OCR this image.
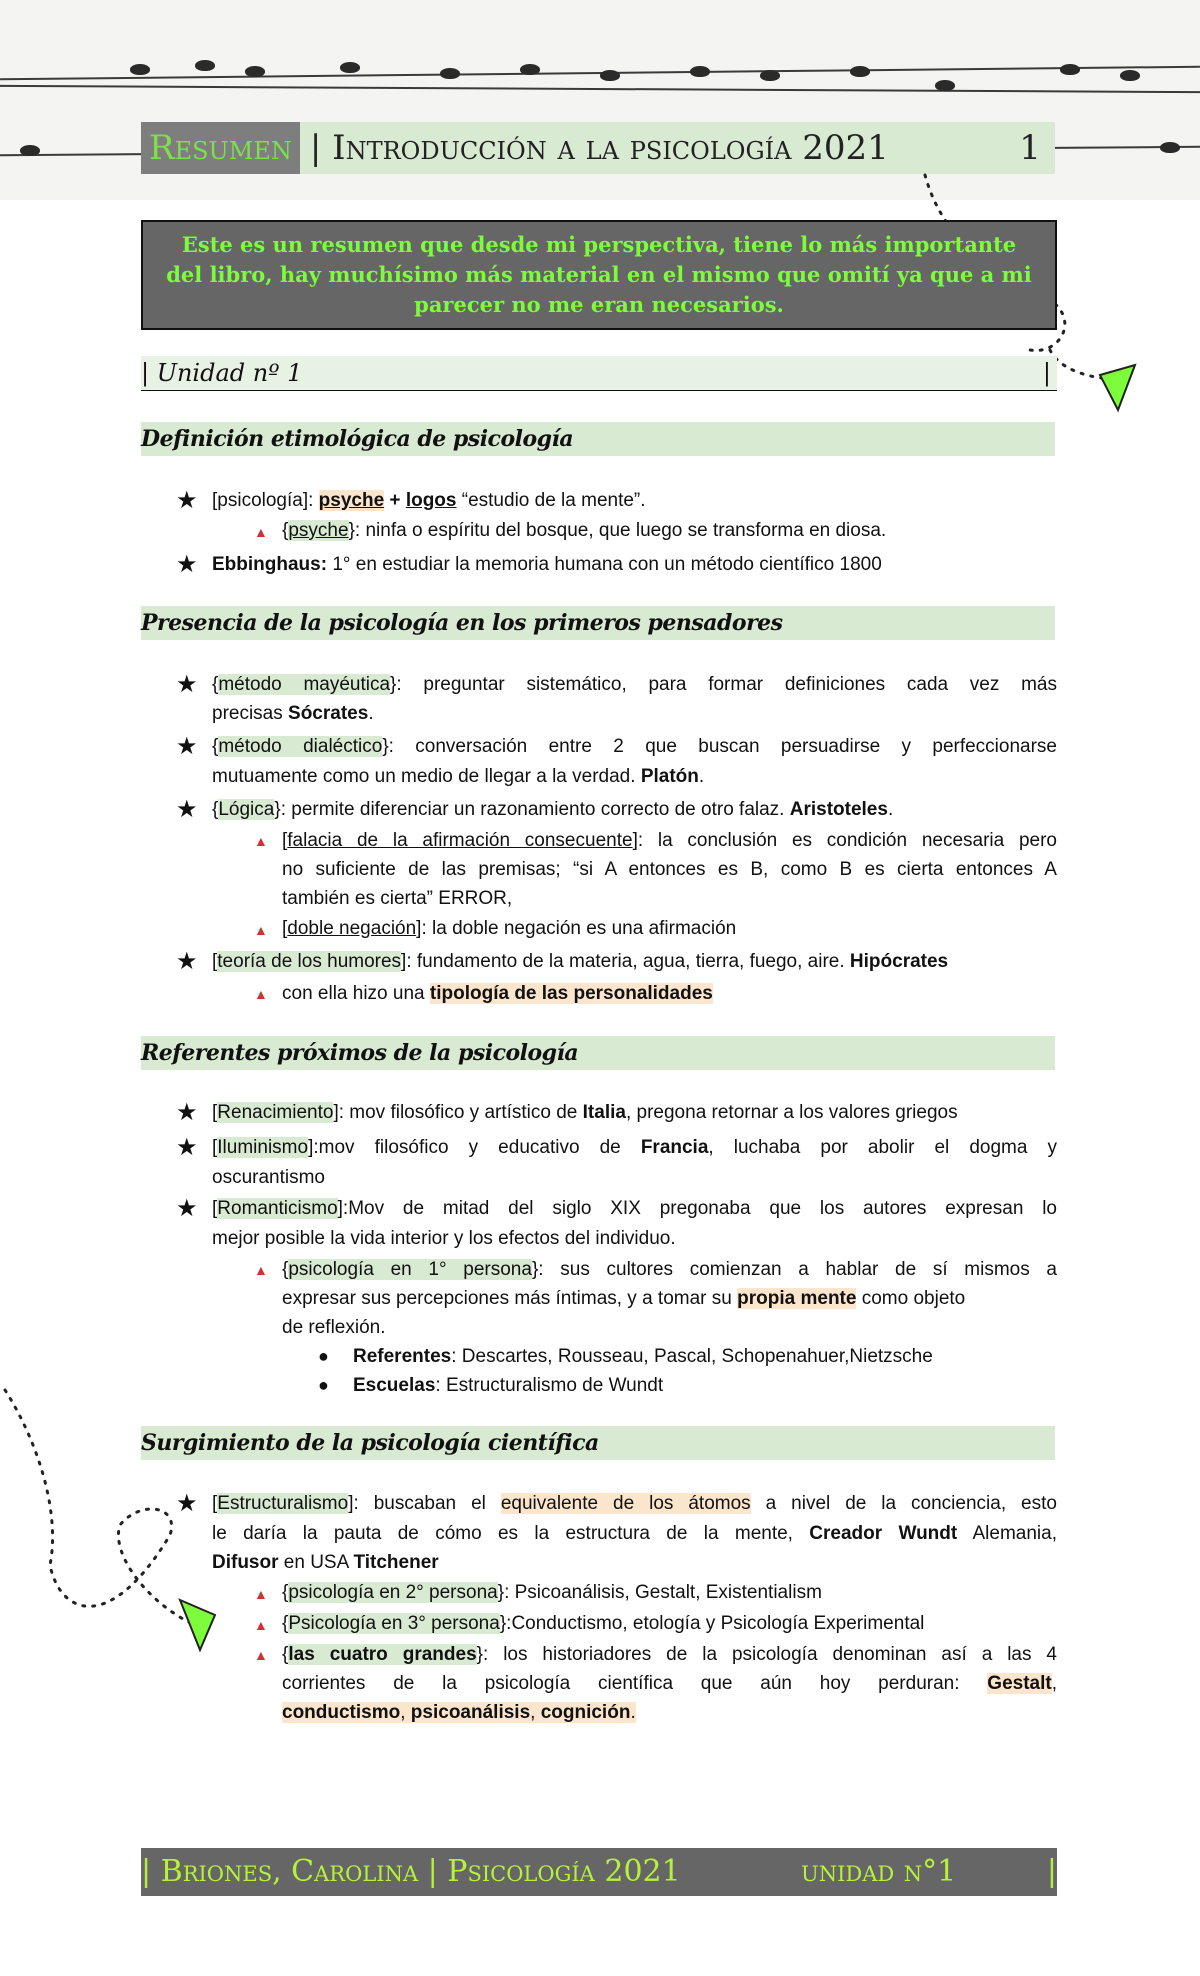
Resumen | Introducción a la psicología 2021	1
Este es un resumen que desde mi perspectiva, tiene lo más importante del libro, hay muchísimo más material en el mismo que omití ya que a mi parecer no me eran necesarios.
| Unidad nº 1	|
Definición etimológica de psicología
★ [psicología]: psyche + logos “estudio de la mente”.
▲ {psyche}: ninfa o espíritu del bosque, que luego se transforma en diosa.
★ Ebbinghaus: 1° en estudiar la memoria humana con un método científico 1800
Presencia de la psicología en los primeros pensadores
★ {método mayéutica}: preguntar sistemático, para formar definiciones cada vez más
precisas Sócrates.
★ {método dialéctico}: conversación entre 2 que buscan persuadirse y perfeccionarse
mutuamente como un medio de llegar a la verdad. Platón.
★ {Lógica}: permite diferenciar un razonamiento correcto de otro falaz. Aristoteles.
▲ [falacia de la afirmación consecuente]: la conclusión es condición necesaria pero
no suficiente de las premisas; “si A entonces es B, como B es cierta entonces A
también es cierta” ERROR,
▲ [doble negación]: la doble negación es una afirmación
★ [teoría de los humores]: fundamento de la materia, agua, tierra, fuego, aire. Hipócrates
▲ con ella hizo una tipología de las personalidades
Referentes próximos de la psicología
★ [Renacimiento]: mov filosófico y artístico de Italia, pregona retornar a los valores griegos
★ [Iluminismo]:mov filosófico y educativo de Francia, luchaba por abolir el dogma y
oscurantismo
★ [Romanticismo]:Mov de mitad del siglo XIX pregonaba que los autores expresan lo
mejor posible la vida interior y los efectos del individuo.
▲ {psicología en 1° persona}: sus cultores comienzan a hablar de sí mismos a
expresar sus percepciones más íntimas, y a tomar su propia mente como objeto
de reflexión.
● Referentes: Descartes, Rousseau, Pascal, Schopenahuer,Nietzsche
● Escuelas: Estructuralismo de Wundt
Surgimiento de la psicología científica
★ [Estructuralismo]: buscaban el equivalente de los átomos a nivel de la conciencia, esto
le daría la pauta de cómo es la estructura de la mente, Creador Wundt Alemania,
Difusor en USA Titchener
▲ {psicología en 2° persona}: Psicoanálisis, Gestalt, Existentialism
▲ {Psicología en 3° persona}:Conductismo, etología y Psicología Experimental
▲ {las cuatro grandes}: los historiadores de la psicología denominan así a las 4
corrientes de la psicología científica que aún hoy perduran: Gestalt,
conductismo, psicoanálisis, cognición.
| Briones, Carolina | Psicología 2021	unidad n°1	|
